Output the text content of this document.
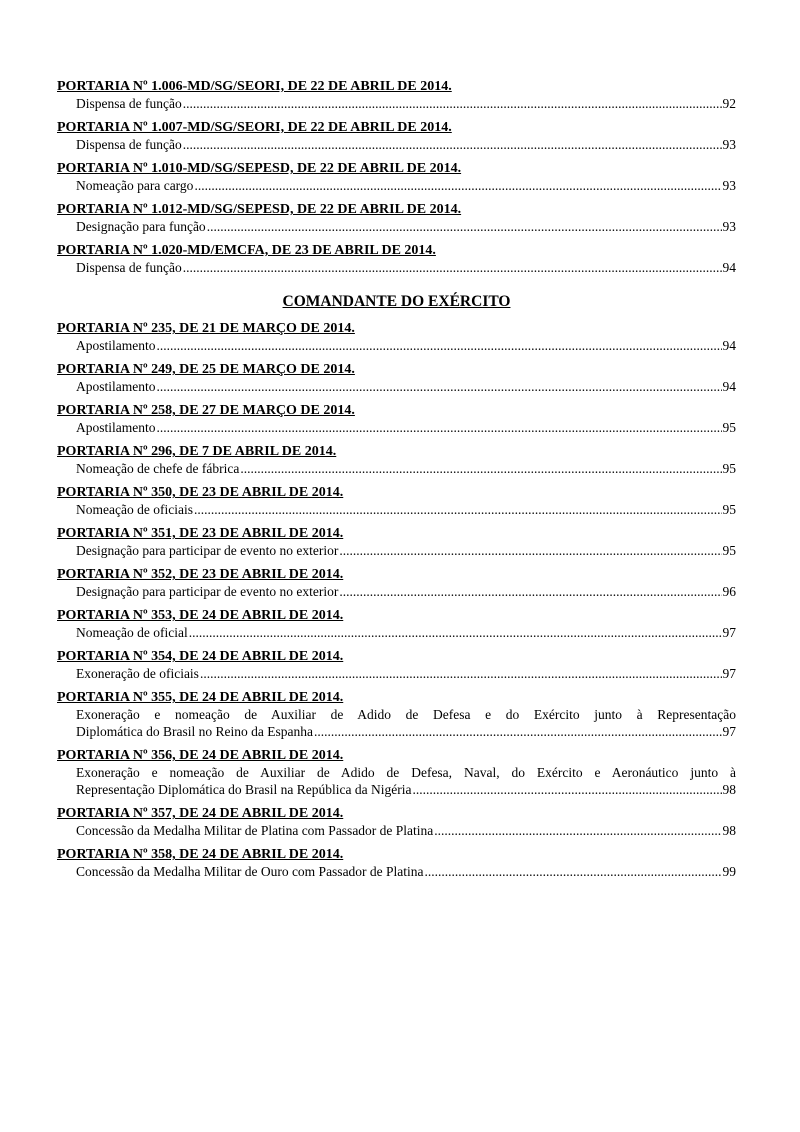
PORTARIA Nº 1.006-MD/SG/SEORI, DE 22 DE ABRIL DE 2014.
Dispensa de função .....	92
PORTARIA Nº 1.007-MD/SG/SEORI, DE 22 DE ABRIL DE 2014.
Dispensa de função .....	93
PORTARIA Nº 1.010-MD/SG/SEPESD, DE 22 DE ABRIL DE 2014.
Nomeação para cargo .....	93
PORTARIA Nº 1.012-MD/SG/SEPESD, DE 22 DE ABRIL DE 2014.
Designação para função .....	93
PORTARIA Nº 1.020-MD/EMCFA, DE 23 DE ABRIL DE 2014.
Dispensa de função .....	94
COMANDANTE DO EXÉRCITO
PORTARIA Nº 235, DE 21 DE MARÇO DE 2014.
Apostilamento .....	94
PORTARIA Nº 249, DE 25 DE MARÇO DE 2014.
Apostilamento .....	94
PORTARIA Nº 258, DE 27 DE MARÇO DE 2014.
Apostilamento .....	95
PORTARIA Nº 296, DE 7 DE ABRIL DE 2014.
Nomeação de chefe de fábrica .....	95
PORTARIA Nº 350, DE 23 DE ABRIL DE 2014.
Nomeação de oficiais .....	95
PORTARIA Nº 351, DE 23 DE ABRIL DE 2014.
Designação para participar de evento no exterior .....	95
PORTARIA Nº 352, DE 23 DE ABRIL DE 2014.
Designação para participar de evento no exterior .....	96
PORTARIA Nº 353, DE 24 DE ABRIL DE 2014.
Nomeação de oficial .....	97
PORTARIA Nº 354, DE 24 DE ABRIL DE 2014.
Exoneração de oficiais .....	97
PORTARIA Nº 355, DE 24 DE ABRIL DE 2014.
Exoneração e nomeação de Auxiliar de Adido de Defesa e do Exército junto à Representação
Diplomática do Brasil no Reino da Espanha .....	97
PORTARIA Nº 356, DE 24 DE ABRIL DE 2014.
Exoneração e nomeação de Auxiliar de Adido de Defesa, Naval, do Exército e Aeronáutico junto à
Representação Diplomática do Brasil na República da Nigéria .....	98
PORTARIA Nº 357, DE 24 DE ABRIL DE 2014.
Concessão da Medalha Militar de Platina com Passador de Platina .....	98
PORTARIA Nº 358, DE 24 DE ABRIL DE 2014.
Concessão da Medalha Militar de Ouro com Passador de Platina .....	99
